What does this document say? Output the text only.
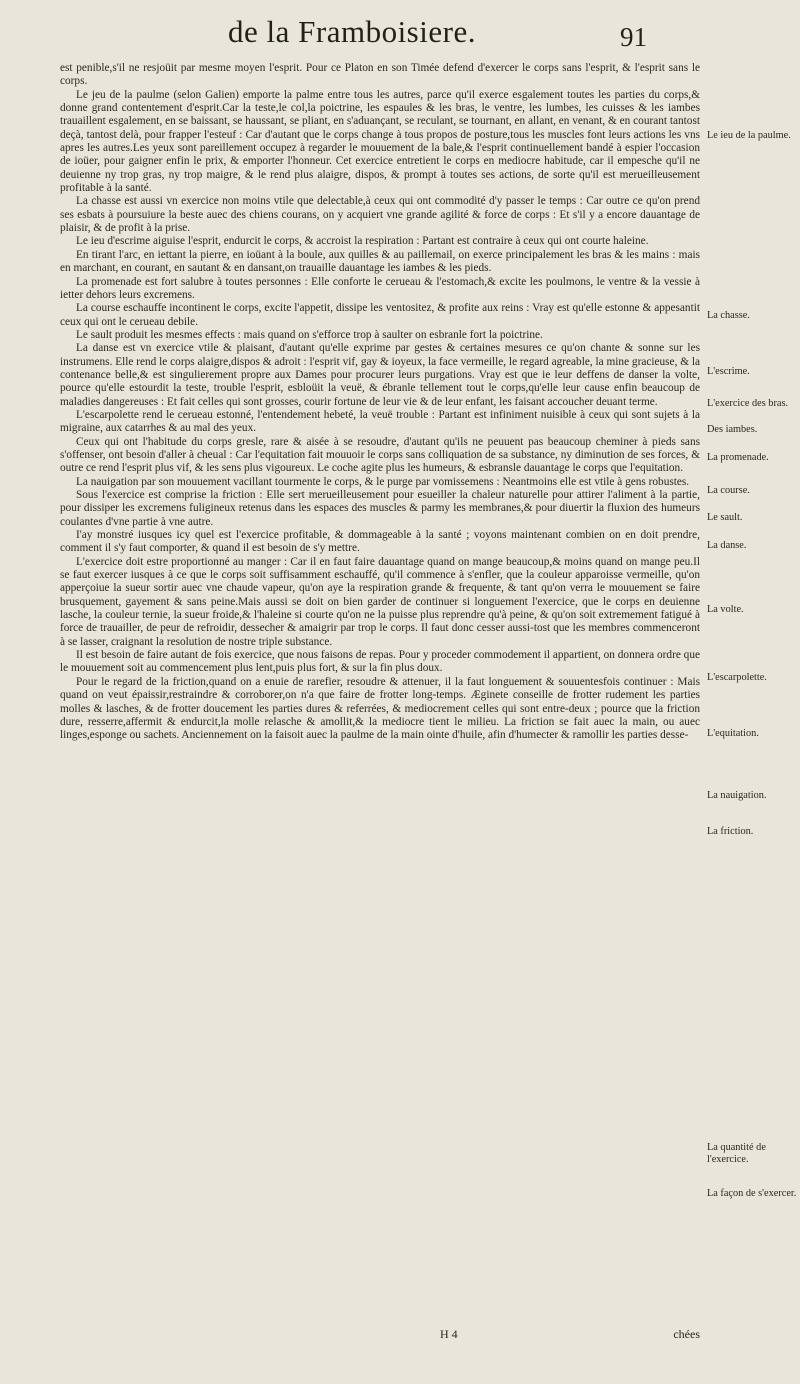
de la Framboisiere.	91

est penible,s'il ne resjoüit par mesme moyen l'esprit. Pour ce Platon en son Timée defend d'exercer le corps sans l'esprit, & l'esprit sans le corps.

Le jeu de la paulme (selon Galien) emporte la palme entre tous les autres, parce qu'il exerce esgalement toutes les parties du corps,& donne grand contentement d'esprit.Car la teste,le col,la poictrine, les espaules & les bras, le ventre, les lumbes, les cuisses & les iambes trauaillent esgalement, en se baissant, se haussant, se pliant, en s'aduançant, se reculant, se tournant, en allant, en venant, & en courant tantost deçà, tantost delà, pour frapper l'esteuf : Car d'autant que le corps change à tous propos de posture,tous les muscles font leurs actions les vns apres les autres.Les yeux sont pareillement occupez à regarder le mouuement de la bale,& l'esprit continuellement bandé à espier l'occasion de ioüer, pour gaigner enfin le prix, & emporter l'honneur. Cet exercice entretient le corps en mediocre habitude, car il empesche qu'il ne deuienne ny trop gras, ny trop maigre, & le rend plus alaigre, dispos, & prompt à toutes ses actions, de sorte qu'il est merueilleusement profitable à la santé.

La chasse est aussi vn exercice non moins vtile que delectable,à ceux qui ont commodité d'y passer le temps : Car outre ce qu'on prend ses esbats à poursuiure la beste auec des chiens courans, on y acquiert vne grande agilité & force de corps : Et s'il y a encore dauantage de plaisir, & de profit à la prise.

Le ieu d'escrime aiguise l'esprit, endurcit le corps, & accroist la respiration : Partant est contraire à ceux qui ont courte haleine.

En tirant l'arc, en iettant la pierre, en ioüant à la boule, aux quilles & au paillemail, on exerce principalement les bras & les mains : mais en marchant, en courant, en sautant & en dansant,on trauaille dauantage les iambes & les pieds.

La promenade est fort salubre à toutes personnes : Elle conforte le cerueau & l'estomach,& excite les poulmons, le ventre & la vessie à ietter dehors leurs excremens.

La course eschauffe incontinent le corps, excite l'appetit, dissipe les ventositez, & profite aux reins : Vray est qu'elle estonne & appesantit ceux qui ont le cerueau debile.

Le sault produit les mesmes effects : mais quand on s'efforce trop à saulter on esbranle fort la poictrine.

La danse est vn exercice vtile & plaisant, d'autant qu'elle exprime par gestes & certaines mesures ce qu'on chante & sonne sur les instrumens. Elle rend le corps alaigre,dispos & adroit : l'esprit vif, gay & ioyeux, la face vermeille, le regard agreable, la mine gracieuse, & la contenance belle,& est singulierement propre aux Dames pour procurer leurs purgations. Vray est que ie leur deffens de danser la volte, pource qu'elle estourdit la teste, trouble l'esprit, esbloüit la veuë, & ébranle tellement tout le corps,qu'elle leur cause enfin beaucoup de maladies dangereuses : Et fait celles qui sont grosses, courir fortune de leur vie & de leur enfant, les faisant accoucher deuant terme.

L'escarpolette rend le cerueau estonné, l'entendement hebeté, la veuë trouble : Partant est infiniment nuisible à ceux qui sont sujets à la migraine, aux catarrhes & au mal des yeux.

Ceux qui ont l'habitude du corps gresle, rare & aisée à se resoudre, d'autant qu'ils ne peuuent pas beaucoup cheminer à pieds sans s'offenser, ont besoin d'aller à cheual : Car l'equitation fait mouuoir le corps sans colliquation de sa substance, ny diminution de ses forces, & outre ce rend l'esprit plus vif, & les sens plus vigoureux. Le coche agite plus les humeurs, & esbransle dauantage le corps que l'equitation.

La nauigation par son mouuement vacillant tourmente le corps, & le purge par vomissemens : Neantmoins elle est vtile à gens robustes.

Sous l'exercice est comprise la friction : Elle sert merueilleusement pour esueiller la chaleur naturelle pour attirer l'aliment à la partie, pour dissiper les excremens fuligineux retenus dans les espaces des muscles & parmy les membranes,& pour diuertir la fluxion des humeurs coulantes d'vne partie à vne autre.

I'ay monstré iusques icy quel est l'exercice profitable, & dommageable à la santé ; voyons maintenant combien on en doit prendre, comment il s'y faut comporter, & quand il est besoin de s'y mettre.

L'exercice doit estre proportionné au manger : Car il en faut faire dauantage quand on mange beaucoup,& moins quand on mange peu.Il se faut exercer iusques à ce que le corps soit suffisamment eschauffé, qu'il commence à s'enfler, que la couleur apparoisse vermeille, qu'on apperçoiue la sueur sortir auec vne chaude vapeur, qu'on aye la respiration grande & frequente, & tant qu'on verra le mouuement se faire brusquement, gayement & sans peine.Mais aussi se doit on bien garder de continuer si longuement l'exercice, que le corps en deuienne lasche, la couleur ternie, la sueur froide,& l'haleine si courte qu'on ne la puisse plus reprendre qu'à peine, & qu'on soit extremement fatigué à force de trauailler, de peur de refroidir, dessecher & amaigrir par trop le corps. Il faut donc cesser aussi-tost que les membres commenceront à se lasser, craignant la resolution de nostre triple substance.

Il est besoin de faire autant de fois exercice, que nous faisons de repas. Pour y proceder commodement il appartient, on donnera ordre que le mouuement soit au commencement plus lent,puis plus fort, & sur la fin plus doux.

Pour le regard de la friction,quand on a enuie de rarefier, resoudre & attenuer, il la faut longuement & souuentesfois continuer : Mais quand on veut épaissir,restraindre & corroborer,on n'a que faire de frotter long-temps. Æginete conseille de frotter rudement les parties molles & lasches, & de frotter doucement les parties dures & referrées, & mediocrement celles qui sont entre-deux ; pource que la friction dure, resserre,affermit & endurcit,la molle relasche & amollit,& la mediocre tient le milieu. La friction se fait auec la main, ou auec linges,esponge ou sachets. Anciennement on la faisoit auec la paulme de la main ointe d'huile, afin d'humecter & ramollir les parties desse-

Le ieu de la paulme.
La chasse.
L'escrime.
L'exercice des bras.
Des iambes.
La promenade.
La course.
Le sault.
La danse.
La volte.
L'escarpolette.
L'equitation.
La nauigation.
La friction.
La quantité de l'exercice.
La façon de s'exercer.
H 4	chées
